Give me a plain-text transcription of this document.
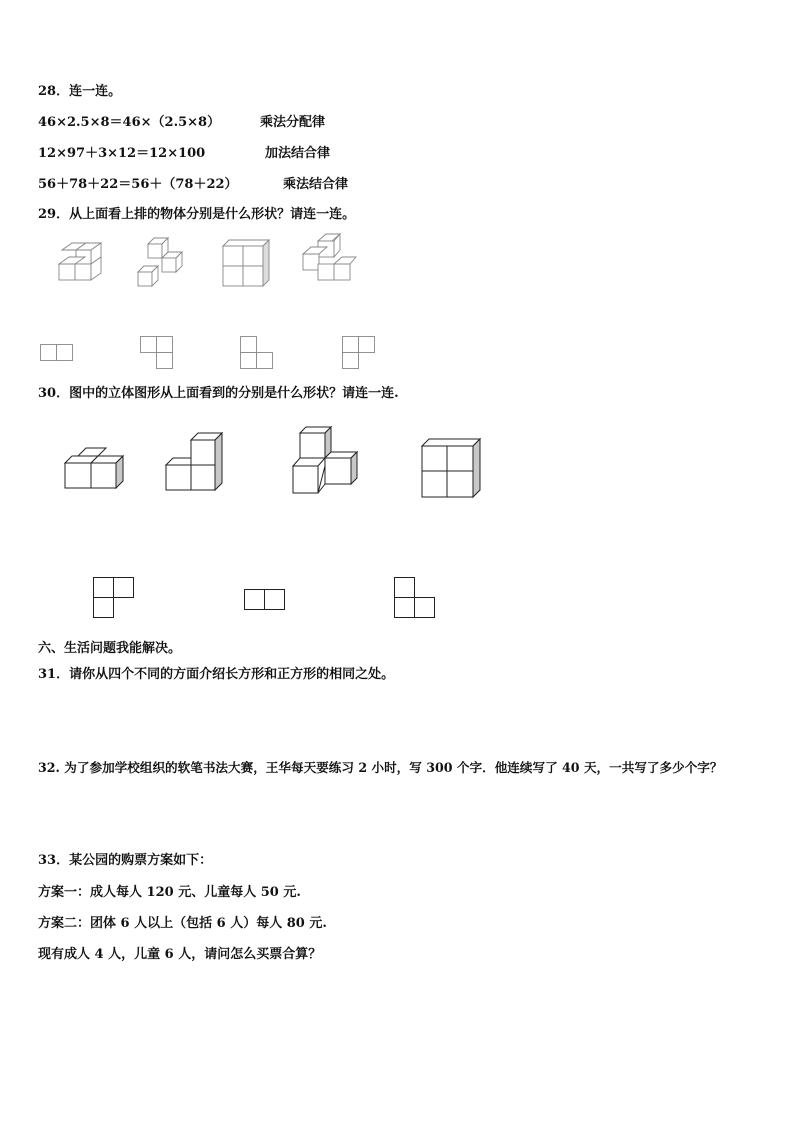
28．连一连。
46×2.5×8＝46×（2.5×8）	乘法分配律
12×97＋3×12＝12×100	加法结合律
56＋78＋22＝56＋（78＋22）	乘法结合律
29．从上面看上排的物体分别是什么形状？请连一连。
30．图中的立体图形从上面看到的分别是什么形状？请连一连.
六、生活问题我能解决。
31．请你从四个不同的方面介绍长方形和正方形的相同之处。
32. 为了参加学校组织的软笔书法大赛，王华每天要练习 2 小时，写 300 个字．他连续写了 40 天，一共写了多少个字？
33．某公园的购票方案如下：
方案一：成人每人 120 元、儿童每人 50 元.
方案二：团体 6 人以上（包括 6 人）每人 80 元.
现有成人 4 人，儿童 6 人，请问怎么买票合算？
